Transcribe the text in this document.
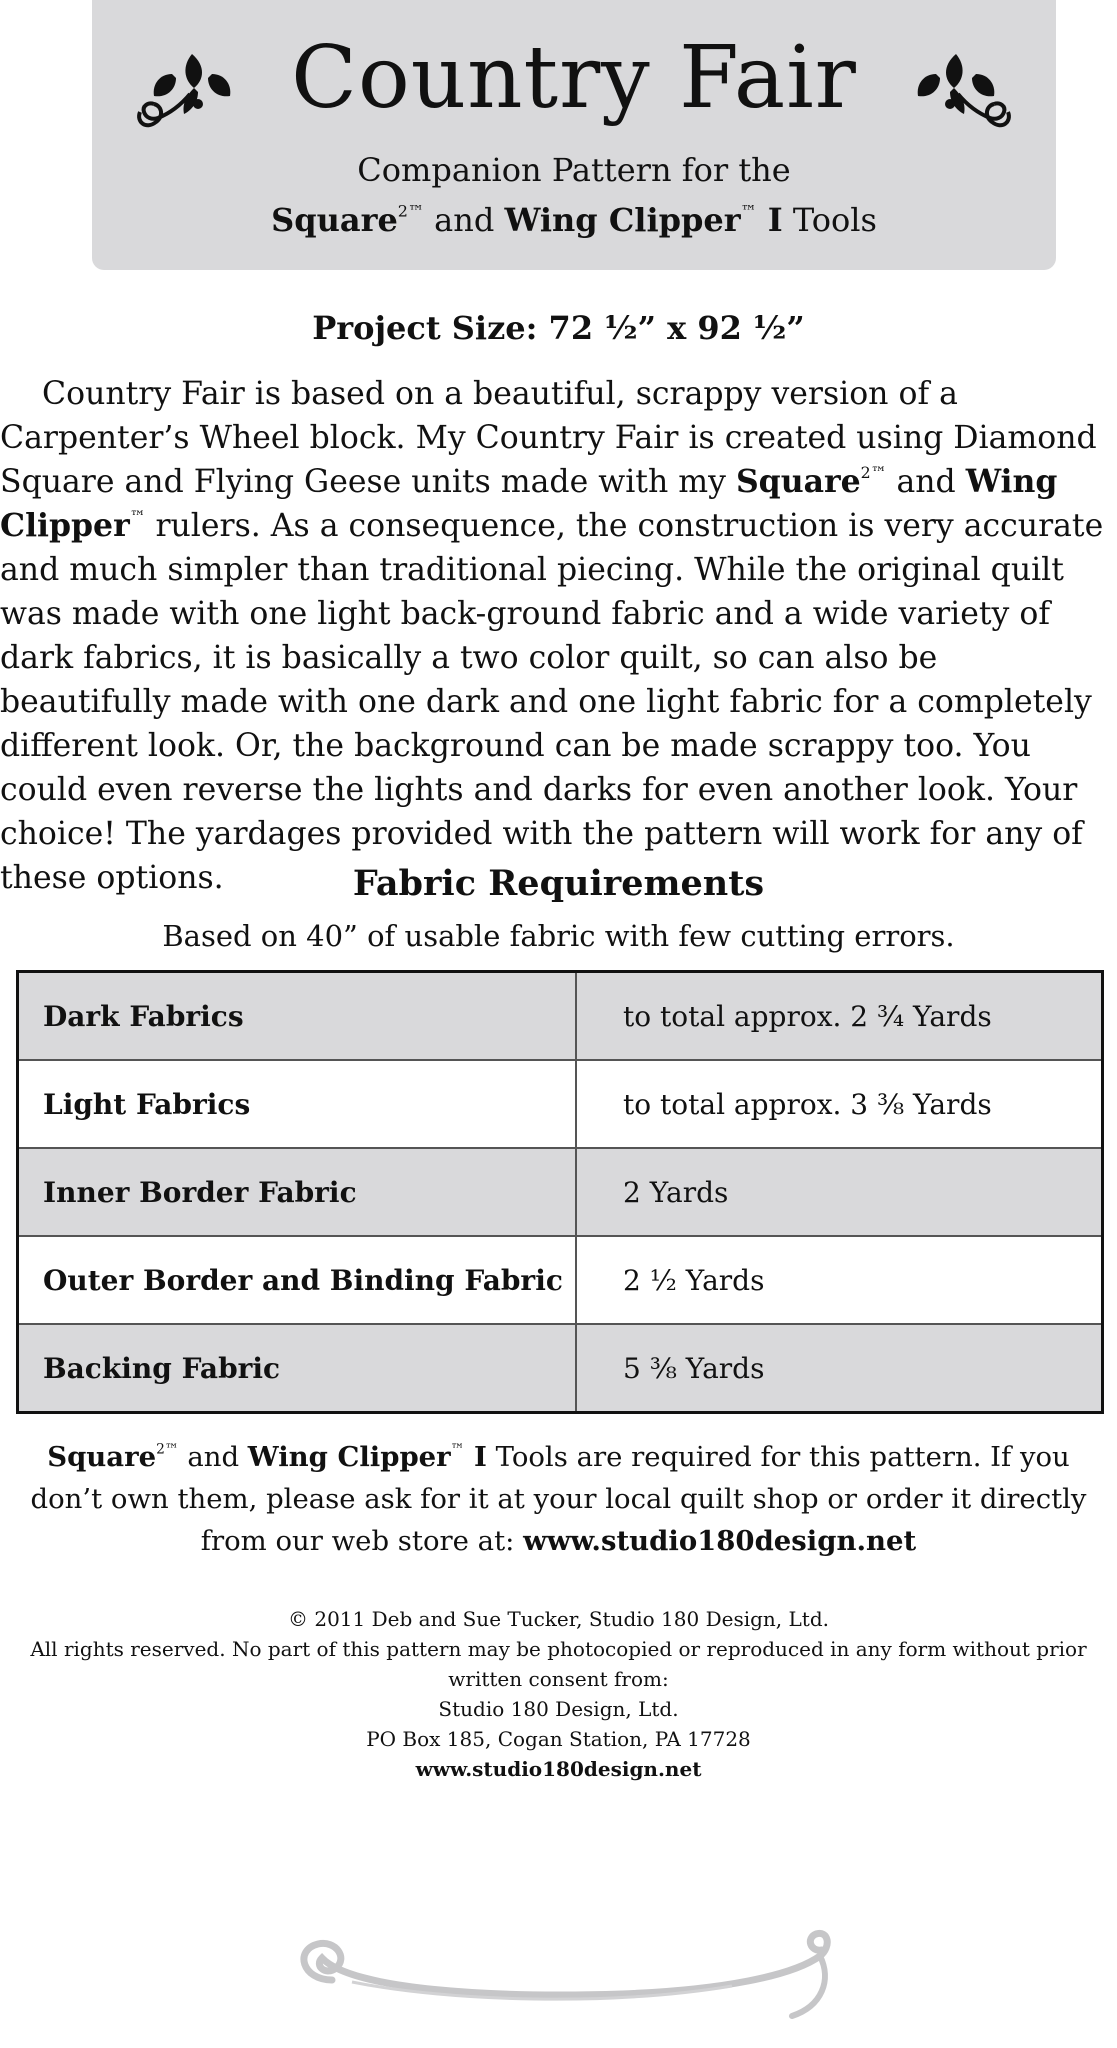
Country Fair
Companion Pattern for the
Square$^{2™}$ and Wing Clipper™ I Tools
Project Size: 72 ½” x 92 ½”

Country Fair is based on a beautiful, scrappy version of a Carpenter’s Wheel block. My Country Fair is created using Diamond Square and Flying Geese units made with my Square$^{2™}$ and Wing Clipper™ rulers. As a consequence, the construction is very accurate and much simpler than traditional piecing. While the original quilt was made with one light back-ground fabric and a wide variety of dark fabrics, it is basically a two color quilt, so can also be beautifully made with one dark and one light fabric for a completely different look. Or, the background can be made scrappy too. You could even reverse the lights and darks for even another look. Your choice! The yardages provided with the pattern will work for any of these options.	Fabric Requirements
Based on 40” of usable fabric with few cutting errors.
Dark Fabrics	to total approx. 2 ¾ Yards
Light Fabrics	to total approx. 3 ⅜ Yards
Inner Border Fabric	2 Yards
Outer Border and Binding Fabric	2 ½ Yards
Backing Fabric	5 ⅜ Yards
Square$^{2™}$ and Wing Clipper™ I Tools are required for this pattern. If you don’t own them, please ask for it at your local quilt shop or order it directly from our web store at: www.studio180design.net
© 2011 Deb and Sue Tucker, Studio 180 Design, Ltd.
All rights reserved. No part of this pattern may be photocopied or reproduced in any form without prior written consent from:
Studio 180 Design, Ltd.
PO Box 185, Cogan Station, PA 17728
www.studio180design.net
